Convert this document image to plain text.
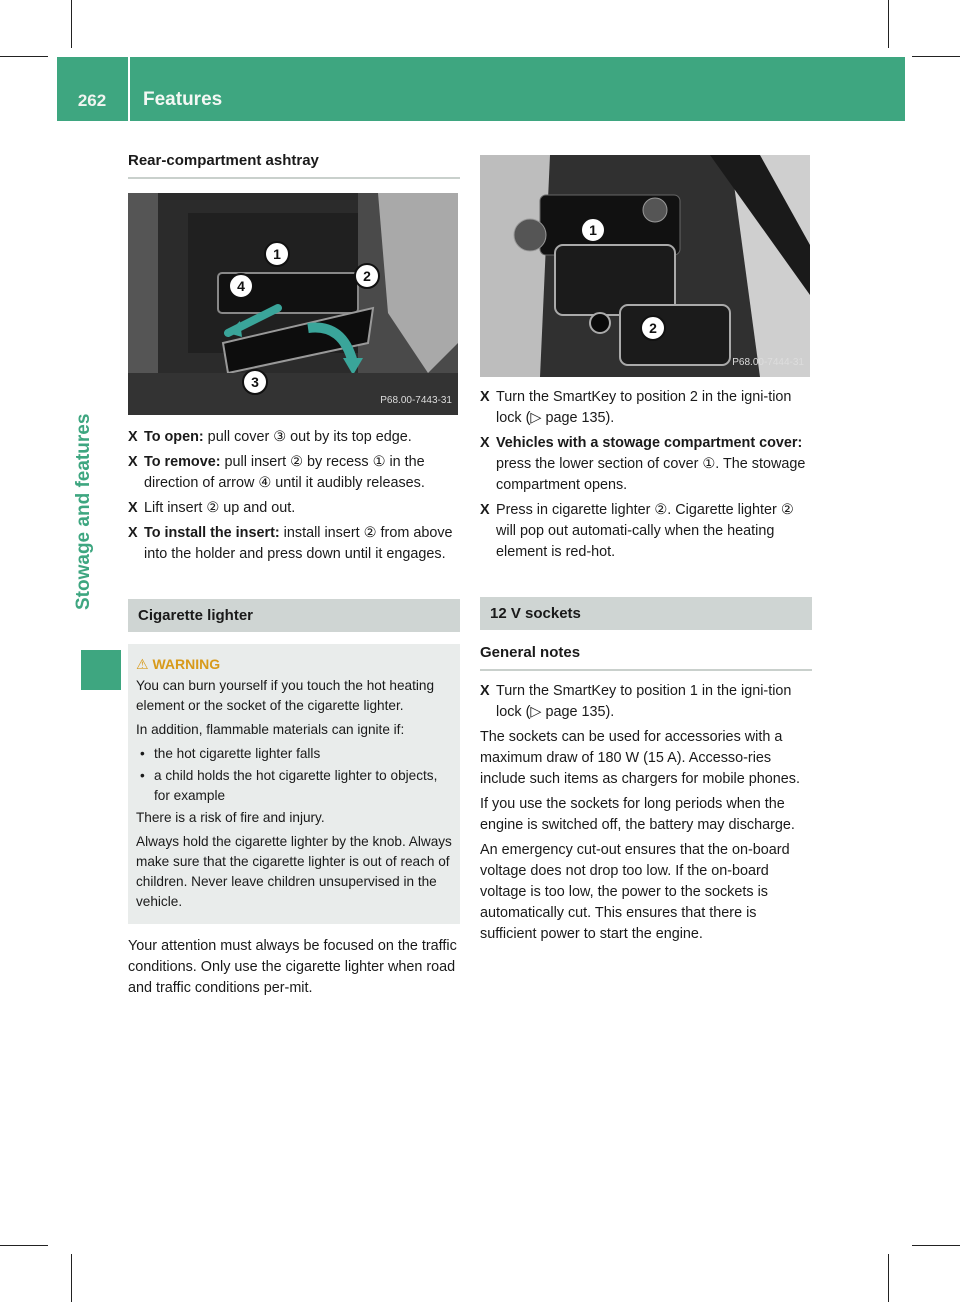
262	Features
Stowage and features
Rear-compartment ashtray
1
2
3
4
P68.00-7443-31
X To open: pull cover ③ out by its top edge.
X To remove: pull insert ② by recess ① in the direction of arrow ④ until it audibly releases.
X Lift insert ② up and out.
X To install the insert: install insert ② from above into the holder and press down until it engages.
Cigarette lighter
⚠ WARNING

You can burn yourself if you touch the hot heating element or the socket of the cigarette lighter.

In addition, flammable materials can ignite if:

• the hot cigarette lighter falls
• a child holds the hot cigarette lighter to objects, for example

There is a risk of fire and injury.

Always hold the cigarette lighter by the knob. Always make sure that the cigarette lighter is out of reach of children. Never leave children unsupervised in the vehicle.

Your attention must always be focused on the traffic conditions. Only use the cigarette lighter when road and traffic conditions per-mit.
1
2
P68.00-7444-31
X Turn the SmartKey to position 2 in the igni-tion lock (▷ page 135).
X Vehicles with a stowage compartment cover: press the lower section of cover ①. The stowage compartment opens.
X Press in cigarette lighter ②. Cigarette lighter ② will pop out automati-cally when the heating element is red-hot.
12 V sockets
General notes
X Turn the SmartKey to position 1 in the igni-tion lock (▷ page 135).
The sockets can be used for accessories with a maximum draw of 180 W (15 A). Accesso-ries include such items as chargers for mobile phones.
If you use the sockets for long periods when the engine is switched off, the battery may discharge.
An emergency cut-out ensures that the on-board voltage does not drop too low. If the on-board voltage is too low, the power to the sockets is automatically cut. This ensures that there is sufficient power to start the engine.
